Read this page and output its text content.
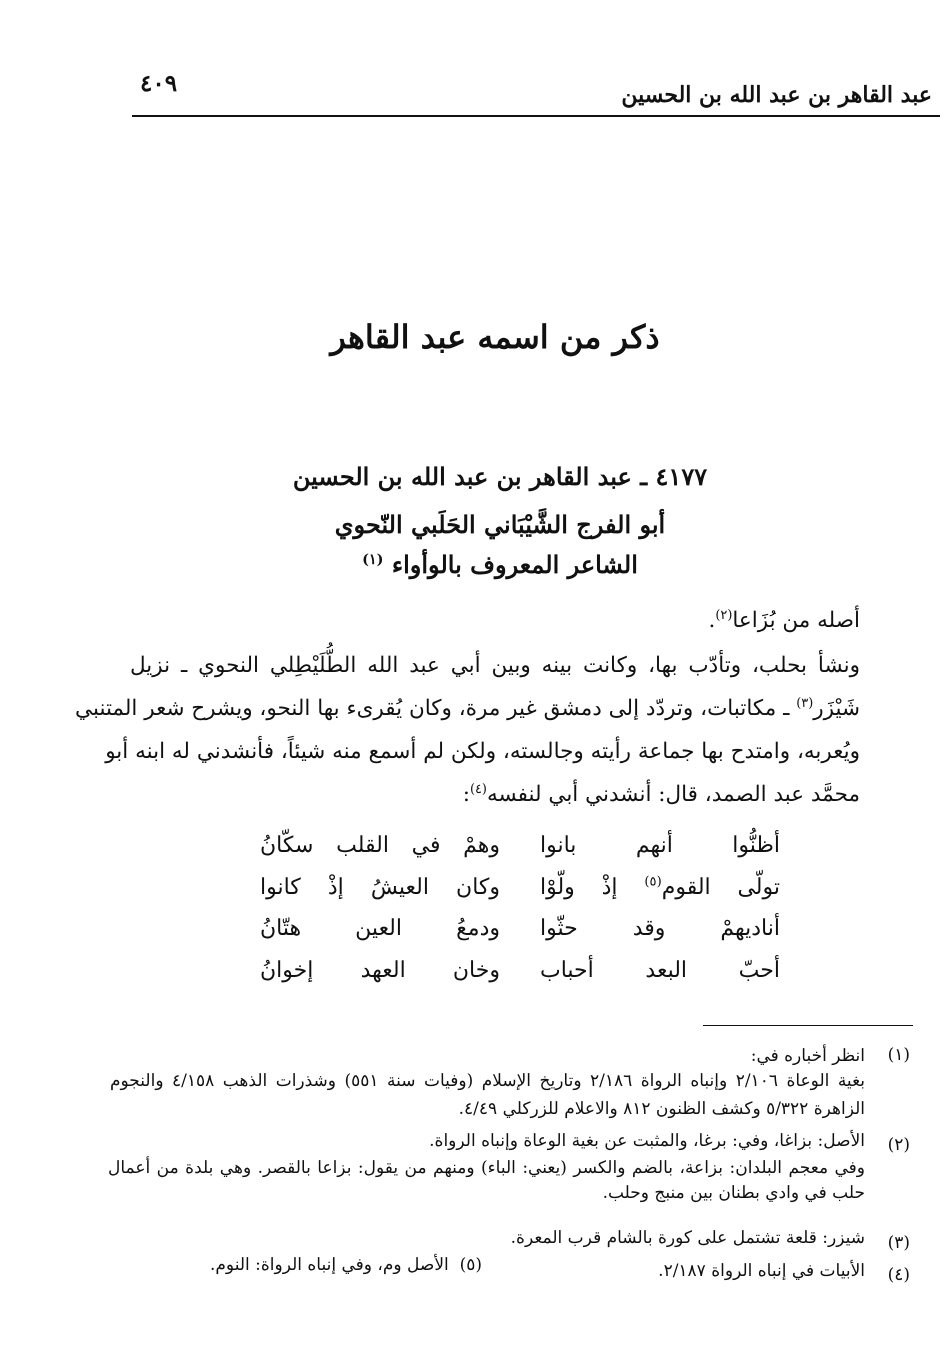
عبد القاهر بن عبد الله بن الحسين
٤٠٩
ذكر من اسمه عبد القاهر
٤١٧٧ ـ عبد القاهر بن عبد الله بن الحسين
أبو الفرج الشَّيْبَاني الحَلَبي النّحوي
الشاعر المعروف بالوأواء $^{(١)}$
أصله من بُزَاعا$^{(٢)}$.
ونشأ بحلب، وتأدّب بها، وكانت بينه وبين أبي عبد الله الطُّلَيْطِلي النحوي ـ نزيل
شَيْزَر$^{(٣)}$ ـ مكاتبات، وتردّد إلى دمشق غير مرة، وكان يُقرىء بها النحو، ويشرح شعر المتنبي
ويُعربه، وامتدح بها جماعة رأيته وجالسته، ولكن لم أسمع منه شيئاً، فأنشدني له ابنه أبو
محمَّد عبد الصمد، قال: أنشدني أبي لنفسه$^{(٤)}$:
أظنُّوا أنهم بانوا
وهمْ في القلب سكّانُ
تولّى القوم$^{(٥)}$ إذْ ولّوْا
وكان العيشُ إذْ كانوا
أناديهمْ وقد حثّوا
ودمعُ العين هتّانُ
أحبّ البعد أحباب
وخان العهد إخوانُ
(١)
انظر أخباره في:
بغية الوعاة ٢/١٠٦ وإنباه الرواة ٢/١٨٦ وتاريخ الإسلام (وفيات سنة ٥٥١) وشذرات الذهب ٤/١٥٨ والنجوم
الزاهرة ٥/٣٢٢ وكشف الظنون ٨١٢ والاعلام للزركلي ٤/٤٩.
(٢)
الأصل: بزاغا، وفي: برغا، والمثبت عن بغية الوعاة وإنباه الرواة.
وفي معجم البلدان: بزاعة، بالضم والكسر (يعني: الباء) ومنهم من يقول: بزاعا بالقصر. وهي بلدة من أعمال
حلب في وادي بطنان بين منبج وحلب.
(٣)
شيزر: قلعة تشتمل على كورة بالشام قرب المعرة.
(٤)
الأبيات في إنباه الرواة ٢/١٨٧.
(٥)  الأصل وم، وفي إنباه الرواة: النوم.
